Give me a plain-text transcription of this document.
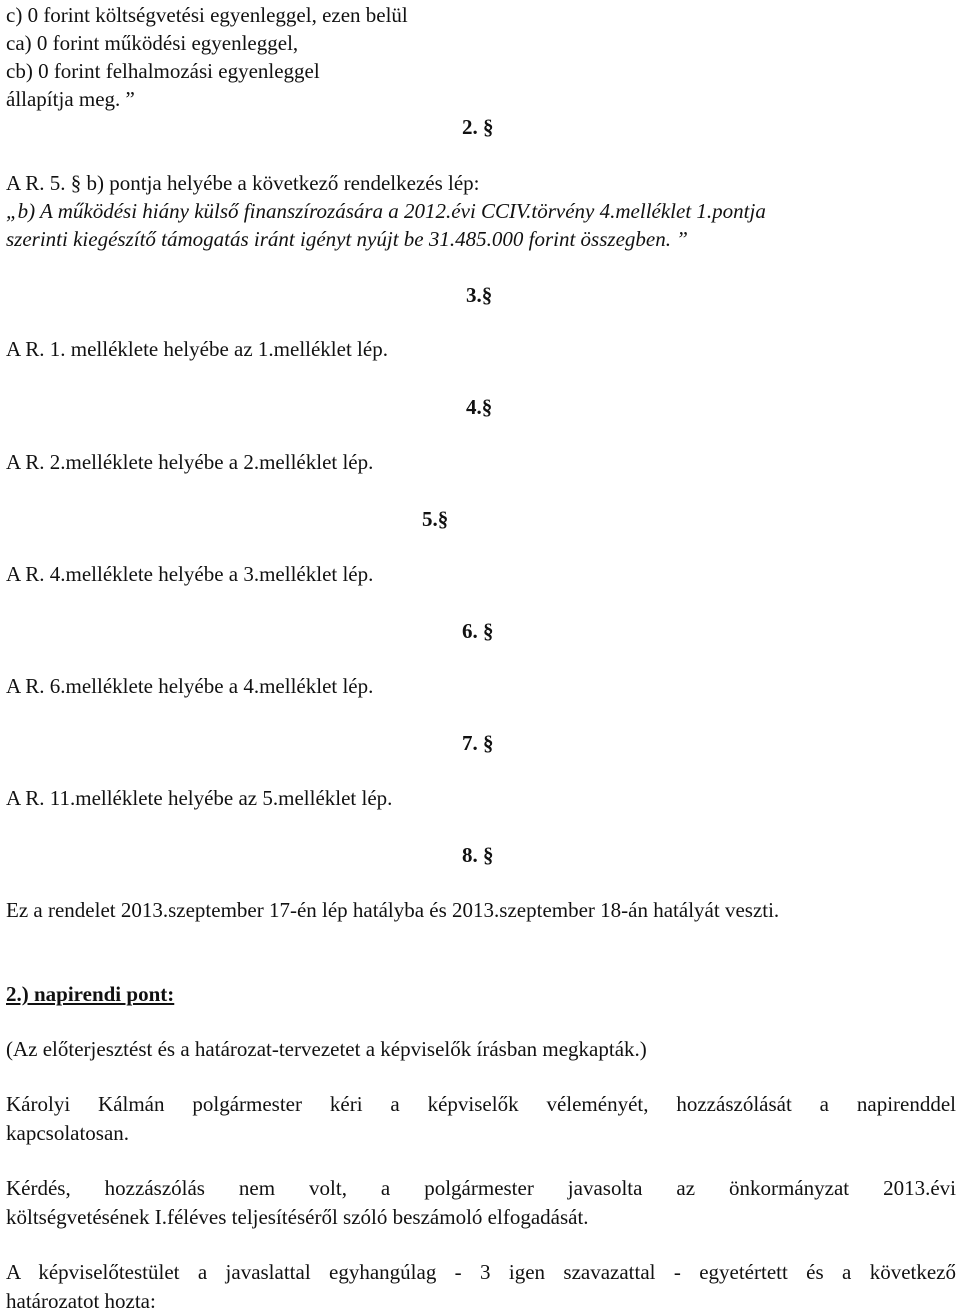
c) 0 forint költségvetési egyenleggel, ezen belül
ca) 0 forint működési egyenleggel,
cb) 0 forint felhalmozási egyenleggel
állapítja meg. ”
2. §
A R. 5. § b) pontja helyébe a következő rendelkezés lép:
„b) A működési hiány külső finanszírozására a 2012.évi CCIV.törvény 4.melléklet 1.pontja
szerinti kiegészítő támogatás iránt igényt nyújt be 31.485.000 forint összegben. ”
3.§
A R. 1. melléklete helyébe az 1.melléklet lép.
4.§
A R. 2.melléklete helyébe a 2.melléklet lép.
5.§
A R. 4.melléklete helyébe a 3.melléklet lép.
6. §
A R. 6.melléklete helyébe a 4.melléklet lép.
7. §
A R. 11.melléklete helyébe az 5.melléklet lép.
8. §
Ez a rendelet 2013.szeptember 17-én lép hatályba és 2013.szeptember 18-án hatályát veszti.
2.) napirendi pont:
(Az előterjesztést és a határozat-tervezetet a képviselők írásban megkapták.)
Károlyi Kálmán polgármester kéri a képviselők véleményét, hozzászólását a napirenddel
kapcsolatosan.
Kérdés, hozzászólás nem volt, a polgármester javasolta az önkormányzat 2013.évi
költségvetésének I.féléves teljesítéséről szóló beszámoló elfogadását.
A képviselőtestület a javaslattal egyhangúlag - 3 igen szavazattal - egyetértett és a következő
határozatot hozta:
